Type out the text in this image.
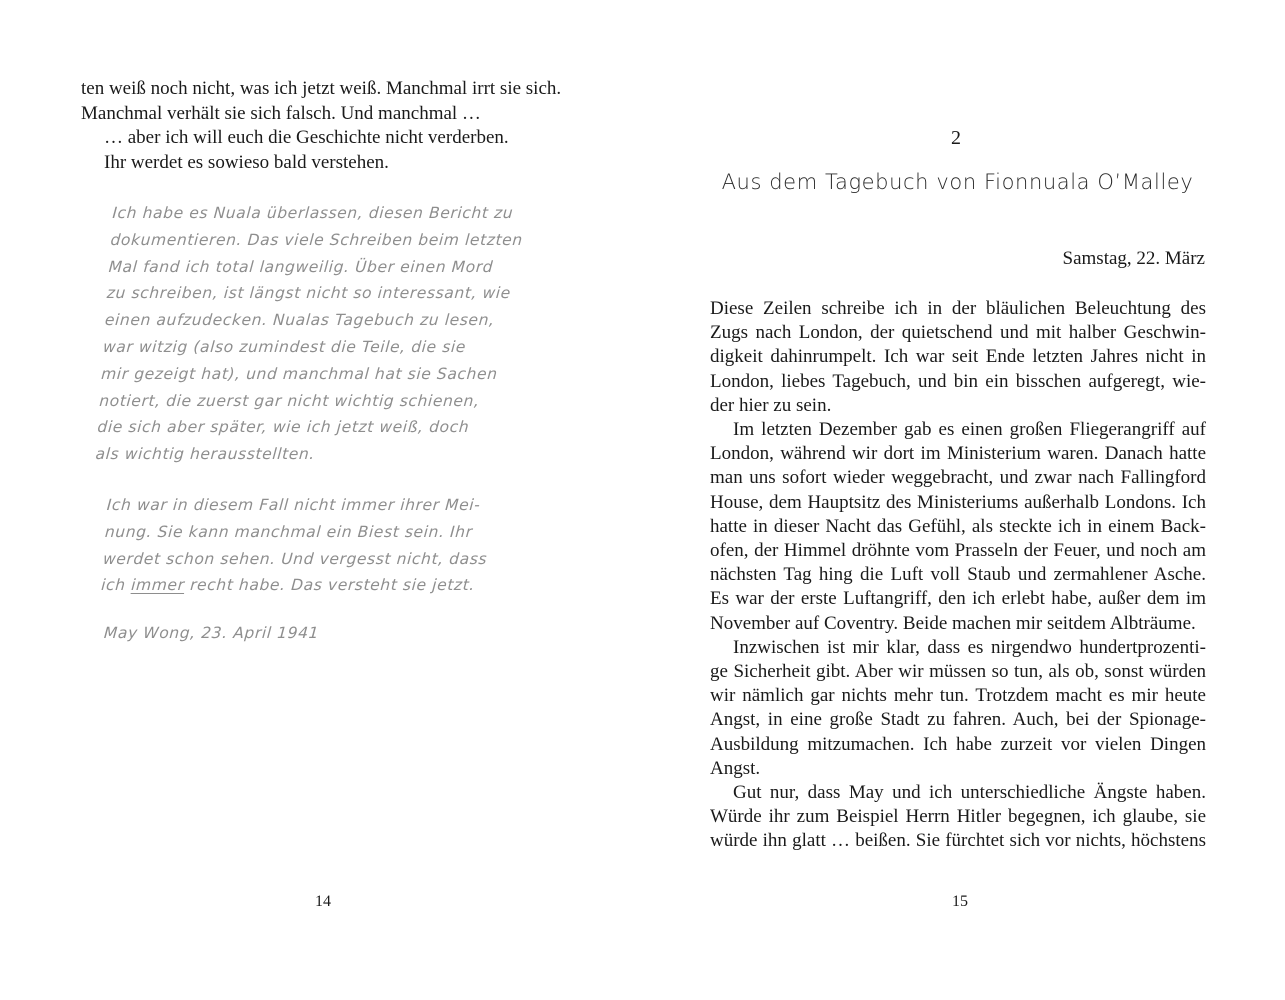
ten weiß noch nicht, was ich jetzt weiß. Manchmal irrt sie sich.
Manchmal verhält sie sich falsch. Und manchmal …
… aber ich will euch die Geschichte nicht verderben.
Ihr werdet es sowieso bald verstehen.
Ich habe es Nuala überlassen, diesen Bericht zu
dokumentieren. Das viele Schreiben beim letzten
Mal fand ich total langweilig. Über einen Mord
zu schreiben, ist längst nicht so interessant, wie
einen aufzudecken. Nualas Tagebuch zu lesen,
war witzig (also zumindest die Teile, die sie
mir gezeigt hat), und manchmal hat sie Sachen
notiert, die zuerst gar nicht wichtig schienen,
die sich aber später, wie ich jetzt weiß, doch
als wichtig herausstellten.
Ich war in diesem Fall nicht immer ihrer Mei-
nung. Sie kann manchmal ein Biest sein. Ihr
werdet schon sehen. Und vergesst nicht, dass
ich immer recht habe. Das versteht sie jetzt.
May Wong, 23. April 1941
14
2
Aus dem Tagebuch von Fionnuala O’Malley
Samstag, 22. März
Diese Zeilen schreibe ich in der bläulichen Beleuchtung des
Zugs nach London, der quietschend und mit halber Geschwin-
digkeit dahinrumpelt. Ich war seit Ende letzten Jahres nicht in
London, liebes Tagebuch, und bin ein bisschen aufgeregt, wie-
der hier zu sein.
Im letzten Dezember gab es einen großen Fliegerangriff auf
London, während wir dort im Ministerium waren. Danach hatte
man uns sofort wieder weggebracht, und zwar nach Fallingford
House, dem Hauptsitz des Ministeriums außerhalb Londons. Ich
hatte in dieser Nacht das Gefühl, als steckte ich in einem Back-
ofen, der Himmel dröhnte vom Prasseln der Feuer, und noch am
nächsten Tag hing die Luft voll Staub und zermahlener Asche.
Es war der erste Luftangriff, den ich erlebt habe, außer dem im
November auf Coventry. Beide machen mir seitdem Albträume.
Inzwischen ist mir klar, dass es nirgendwo hundertprozenti-
ge Sicherheit gibt. Aber wir müssen so tun, als ob, sonst würden
wir nämlich gar nichts mehr tun. Trotzdem macht es mir heute
Angst, in eine große Stadt zu fahren. Auch, bei der Spionage-
Ausbildung mitzumachen. Ich habe zurzeit vor vielen Dingen
Angst.
Gut nur, dass May und ich unterschiedliche Ängste haben.
Würde ihr zum Beispiel Herrn Hitler begegnen, ich glaube, sie
würde ihn glatt … beißen. Sie fürchtet sich vor nichts, höchstens
15
